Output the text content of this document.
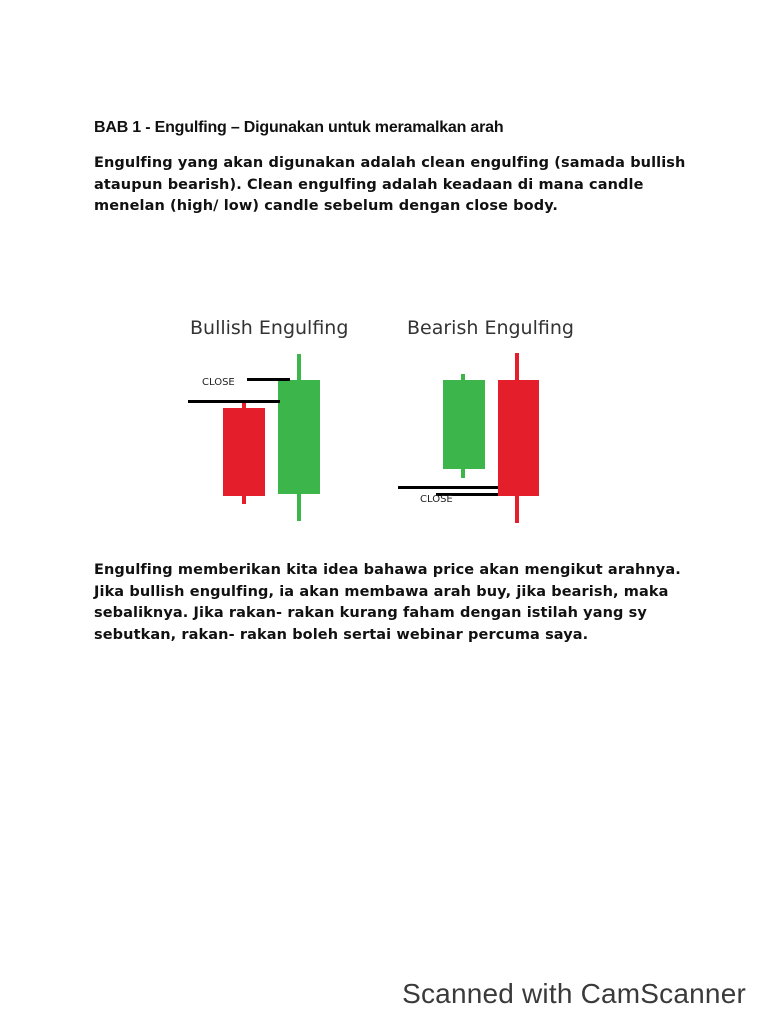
BAB 1 - Engulfing – Digunakan untuk meramalkan arah

Engulfing yang akan digunakan adalah clean engulfing (samada bullish ataupun bearish). Clean engulfing adalah keadaan di mana candle menelan (high/ low) candle sebelum dengan close body.

Bullish Engulfing	Bearish Engulfing
CLOSE
CLOSE

Engulfing memberikan kita idea bahawa price akan mengikut arahnya. Jika bullish engulfing, ia akan membawa arah buy, jika bearish, maka sebaliknya. Jika rakan- rakan kurang faham dengan istilah yang sy sebutkan, rakan- rakan boleh sertai webinar percuma saya.

Scanned with CamScanner
